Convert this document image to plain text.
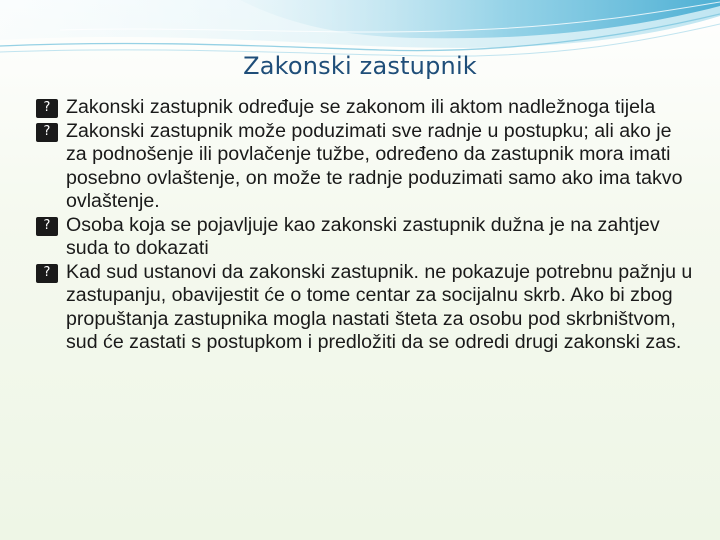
Zakonski zastupnik
? Zakonski zastupnik određuje se zakonom ili aktom nadležnoga tijela
? Zakonski zastupnik može poduzimati sve radnje u postupku; ali ako je za podnošenje ili povlačenje tužbe, određeno da zastupnik mora imati posebno ovlaštenje, on može te radnje poduzimati samo ako ima takvo ovlaštenje.
? Osoba koja se pojavljuje kao zakonski zastupnik dužna je na zahtjev suda to dokazati
? Kad sud ustanovi da zakonski zastupnik. ne pokazuje potrebnu pažnju u zastupanju, obavijestit će o tome centar za socijalnu skrb. Ako bi zbog propuštanja zastupnika mogla nastati šteta za osobu pod skrbništvom, sud će zastati s postupkom i predložiti da se odredi drugi zakonski zas.
